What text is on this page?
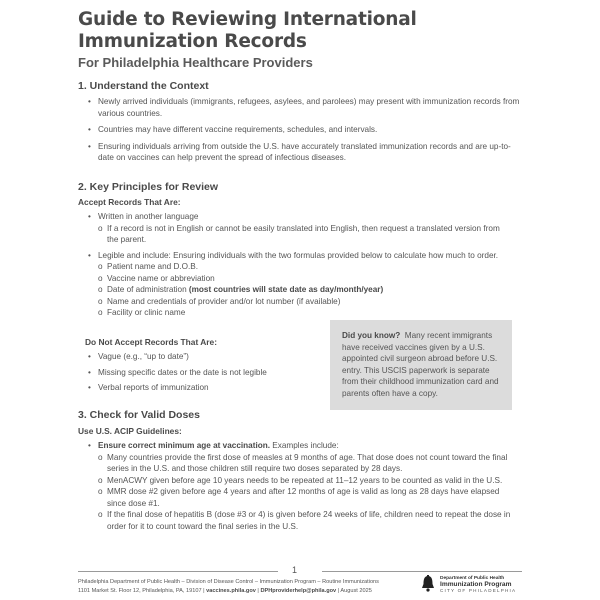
Guide to Reviewing International
Immunization Records
For Philadelphia Healthcare Providers
1. Understand the Context
• Newly arrived individuals (immigrants, refugees, asylees, and parolees) may present with immunization records from various countries.
• Countries may have different vaccine requirements, schedules, and intervals.
• Ensuring individuals arriving from outside the U.S. have accurately translated immunization records and are up-to-date on vaccines can help prevent the spread of infectious diseases.
2. Key Principles for Review
Accept Records That Are:
• Written in another language
o If a record is not in English or cannot be easily translated into English, then request a translated version from
the parent.
• Legible and include: Ensuring individuals with the two formulas provided below to calculate how much to order.
o Patient name and D.O.B.
o Vaccine name or abbreviation
o Date of administration (most countries will state date as day/month/year)
o Name and credentials of provider and/or lot number (if available)
o Facility or clinic name
Do Not Accept Records That Are:
• Vague (e.g., “up to date”)
• Missing specific dates or the date is not legible
• Verbal reports of immunization
Did you know? Many recent immigrants have received vaccines given by a U.S. appointed civil surgeon abroad before U.S. entry. This USCIS paperwork is separate from their childhood immunization card and parents often have a copy.
3. Check for Valid Doses
Use U.S. ACIP Guidelines:
• Ensure correct minimum age at vaccination. Examples include:
o Many countries provide the first dose of measles at 9 months of age. That dose does not count toward the final
series in the U.S. and those children still require two doses separated by 28 days.
o MenACWY given before age 10 years needs to be repeated at 11–12 years to be counted as valid in the U.S.
o MMR dose #2 given before age 4 years and after 12 months of age is valid as long as 28 days have elapsed
since dose #1.
o If the final dose of hepatitis B (dose #3 or 4) is given before 24 weeks of life, children need to repeat the dose in
order for it to count toward the final series in the U.S.
1
Philadelphia Department of Public Health – Division of Disease Control – Immunization Program – Routine Immunizations
1101 Market St. Floor 12, Philadelphia, PA, 19107 | vaccines.phila.gov | DPHproviderhelp@phila.gov | August 2025
Department of Public Health
Immunization Program
CITY OF PHILADELPHIA
